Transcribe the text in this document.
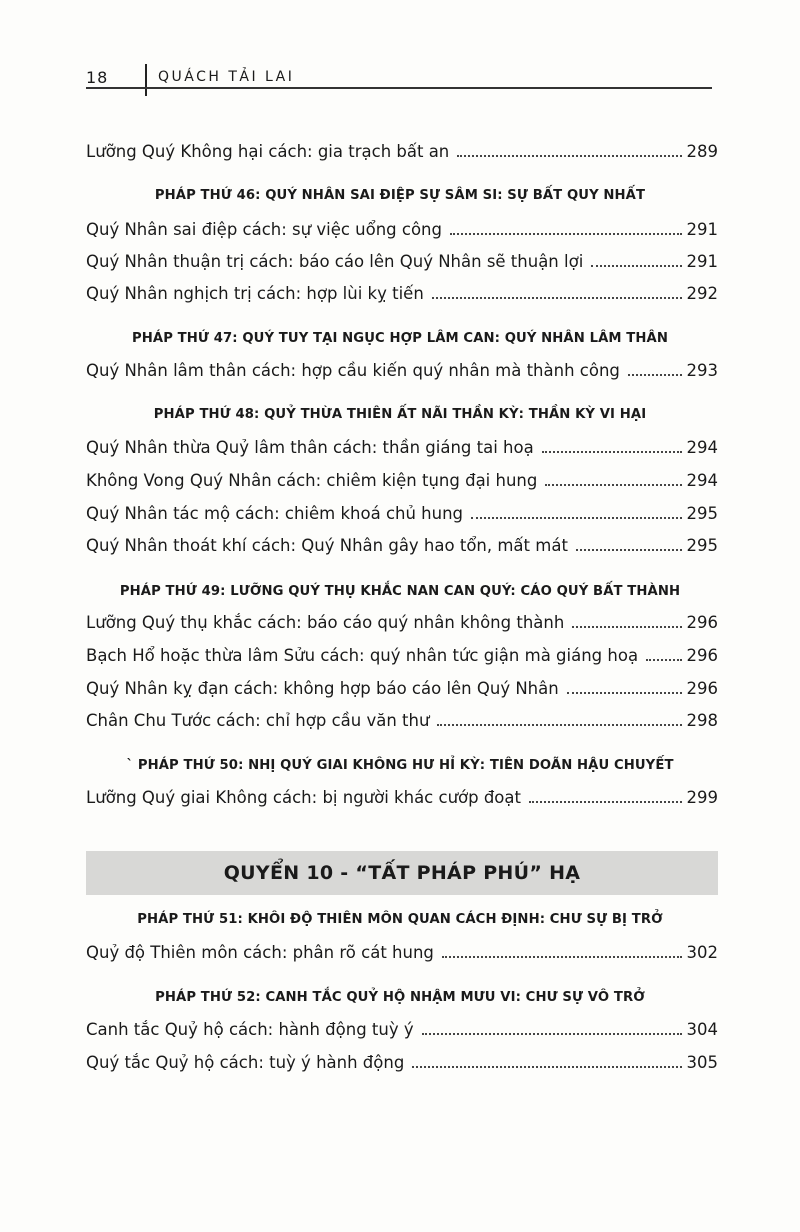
18	QUÁCH TẢI LAI
Lưỡng Quý Không hại cách: gia trạch bất an	289
PHÁP THỨ 46: QUÝ NHÂN SAI ĐIỆP SỰ SÂM SI: SỰ BẤT QUY NHẤT
Quý Nhân sai điệp cách: sự việc uổng công	291
Quý Nhân thuận trị cách: báo cáo lên Quý Nhân sẽ thuận lợi	291
Quý Nhân nghịch trị cách: hợp lùi kỵ tiến	292
PHÁP THỨ 47: QUÝ TUY TẠI NGỤC HỢP LÂM CAN: QUÝ NHÂN LÂM THÂN
Quý Nhân lâm thân cách: hợp cầu kiến quý nhân mà thành công	293
PHÁP THỨ 48: QUỶ THỪA THIÊN ẤT NÃI THẦN KỲ: THẦN KỲ VI HẠI
Quý Nhân thừa Quỷ lâm thân cách: thần giáng tai hoạ	294
Không Vong Quý Nhân cách: chiêm kiện tụng đại hung	294
Quý Nhân tác mộ cách: chiêm khoá chủ hung	295
Quý Nhân thoát khí cách: Quý Nhân gây hao tổn, mất mát	295
PHÁP THỨ 49: LƯỠNG QUÝ THỤ KHẮC NAN CAN QUÝ: CÁO QUÝ BẤT THÀNH
Lưỡng Quý thụ khắc cách: báo cáo quý nhân không thành	296
Bạch Hổ hoặc thừa lâm Sửu cách: quý nhân tức giận mà giáng hoạ	296
Quý Nhân kỵ đạn cách: không hợp báo cáo lên Quý Nhân	296
Chân Chu Tước cách: chỉ hợp cầu văn thư	298
` PHÁP THỨ 50: NHỊ QUÝ GIAI KHÔNG HƯ HỈ KỲ: TIÊN DOÃN HẬU CHUYẾT
Lưỡng Quý giai Không cách: bị người khác cướp đoạt	299
QUYỂN 10 - “TẤT PHÁP PHÚ” HẠ
PHÁP THỨ 51: KHÔI ĐỘ THIÊN MÔN QUAN CÁCH ĐỊNH: CHƯ SỰ BỊ TRỞ
Quỷ độ Thiên môn cách: phân rõ cát hung	302
PHÁP THỨ 52: CANH TẮC QUỶ HỘ NHẬM MƯU VI: CHƯ SỰ VÔ TRỞ
Canh tắc Quỷ hộ cách: hành động tuỳ ý	304
Quý tắc Quỷ hộ cách: tuỳ ý hành động	305
